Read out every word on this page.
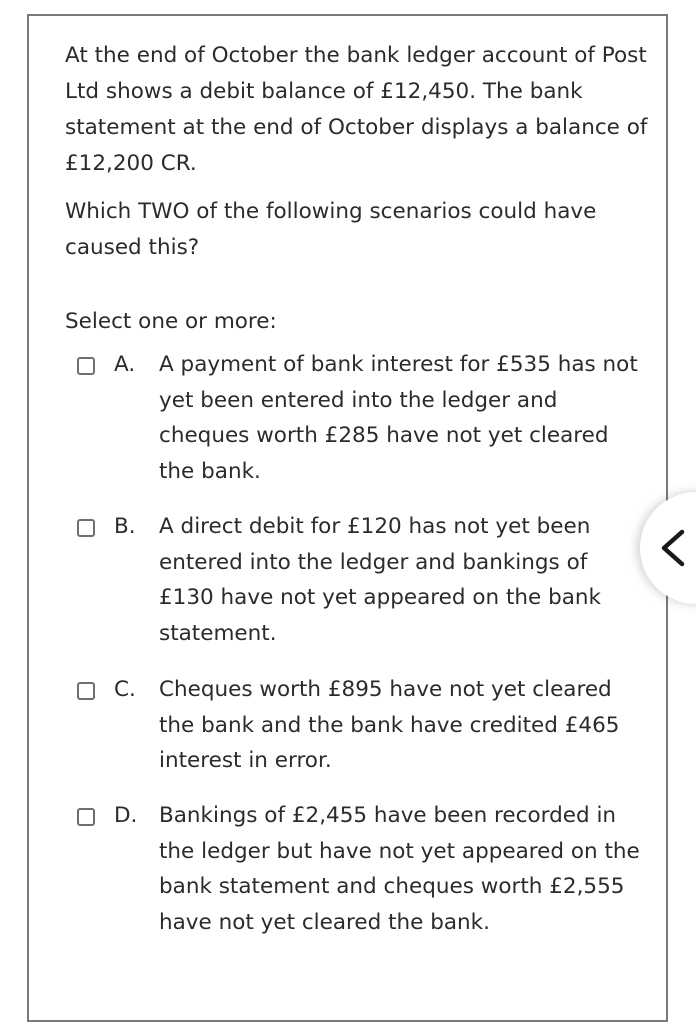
At the end of October the bank ledger account of Post Ltd shows a debit balance of £12,450. The bank statement at the end of October displays a balance of £12,200 CR.

Which TWO of the following scenarios could have caused this?

Select one or more:
A. A payment of bank interest for £535 has not yet been entered into the ledger and cheques worth £285 have not yet cleared the bank.
B. A direct debit for £120 has not yet been entered into the ledger and bankings of £130 have not yet appeared on the bank statement.
C. Cheques worth £895 have not yet cleared the bank and the bank have credited £465 interest in error.
D. Bankings of £2,455 have been recorded in the ledger but have not yet appeared on the bank statement and cheques worth £2,555 have not yet cleared the bank.
